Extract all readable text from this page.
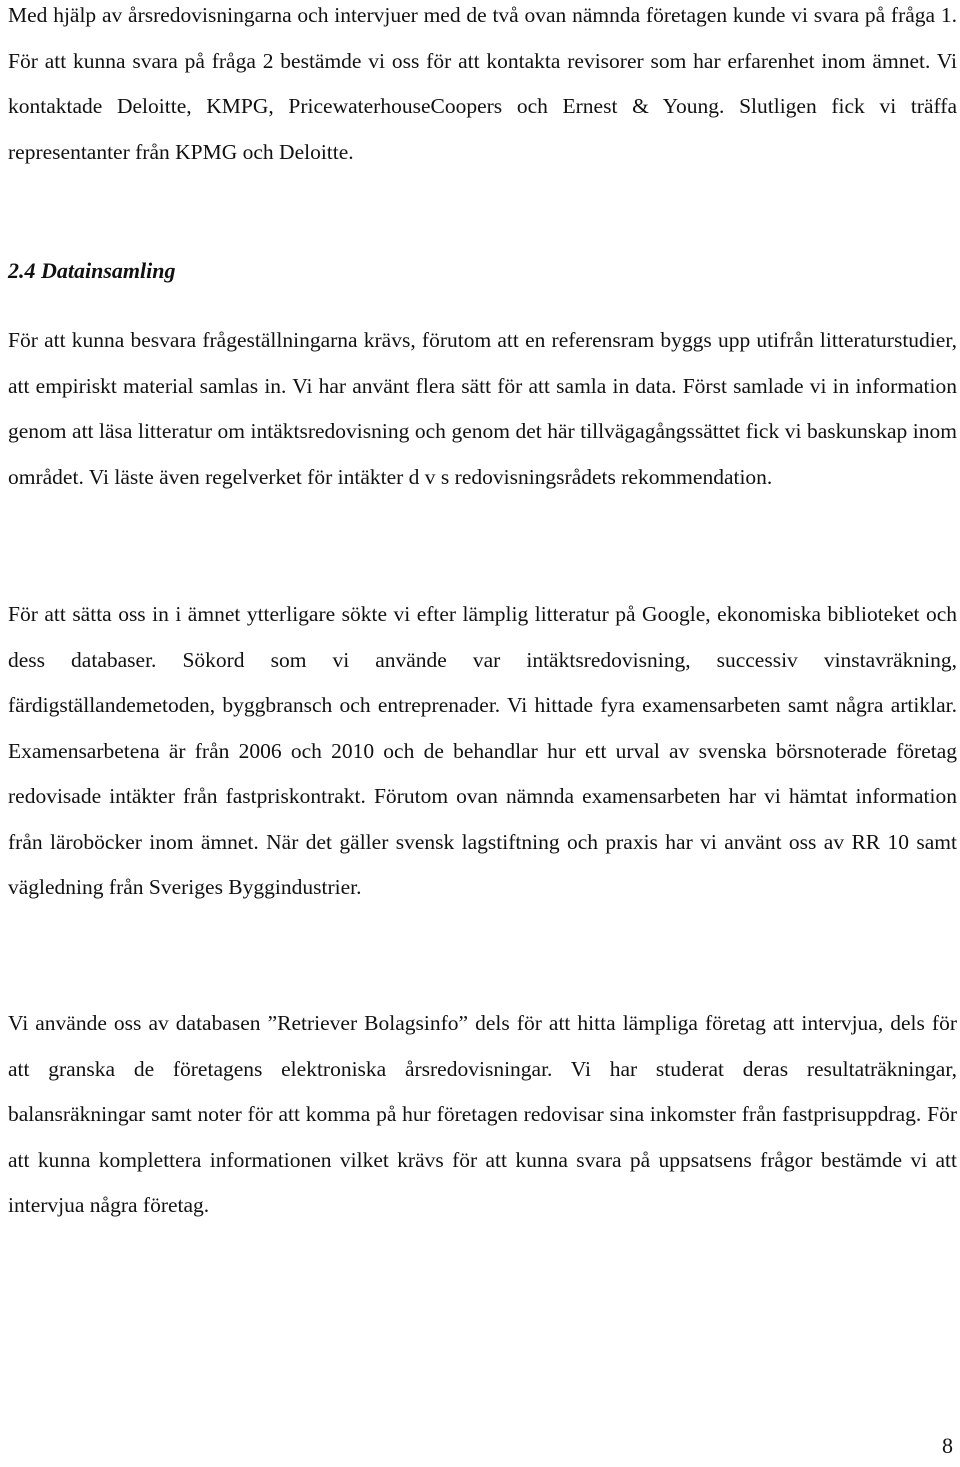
Med hjälp av årsredovisningarna och intervjuer med de två ovan nämnda företagen kunde vi svara på fråga 1. För att kunna svara på fråga 2 bestämde vi oss för att kontakta revisorer som har erfarenhet inom ämnet. Vi kontaktade Deloitte, KMPG, PricewaterhouseCoopers och Ernest & Young. Slutligen fick vi träffa representanter från KPMG och Deloitte.

2.4 Datainsamling

För att kunna besvara frågeställningarna krävs, förutom att en referensram byggs upp utifrån litteraturstudier, att empiriskt material samlas in. Vi har använt flera sätt för att samla in data. Först samlade vi in information genom att läsa litteratur om intäktsredovisning och genom det här tillvägagångssättet fick vi baskunskap inom området. Vi läste även regelverket för intäkter d v s redovisningsrådets rekommendation.

För att sätta oss in i ämnet ytterligare sökte vi efter lämplig litteratur på Google, ekonomiska biblioteket och dess databaser. Sökord som vi använde var intäktsredovisning, successiv vinstavräkning, färdigställandemetoden, byggbransch och entreprenader. Vi hittade fyra examensarbeten samt några artiklar. Examensarbetena är från 2006 och 2010 och de behandlar hur ett urval av svenska börsnoterade företag redovisade intäkter från fastpriskontrakt. Förutom ovan nämnda examensarbeten har vi hämtat information från läroböcker inom ämnet. När det gäller svensk lagstiftning och praxis har vi använt oss av RR 10 samt vägledning från Sveriges Byggindustrier.

Vi använde oss av databasen ”Retriever Bolagsinfo” dels för att hitta lämpliga företag att intervjua, dels för att granska de företagens elektroniska årsredovisningar. Vi har studerat deras resultaträkningar, balansräkningar samt noter för att komma på hur företagen redovisar sina inkomster från fastprisuppdrag. För att kunna komplettera informationen vilket krävs för att kunna svara på uppsatsens frågor bestämde vi att intervjua några företag.

8
